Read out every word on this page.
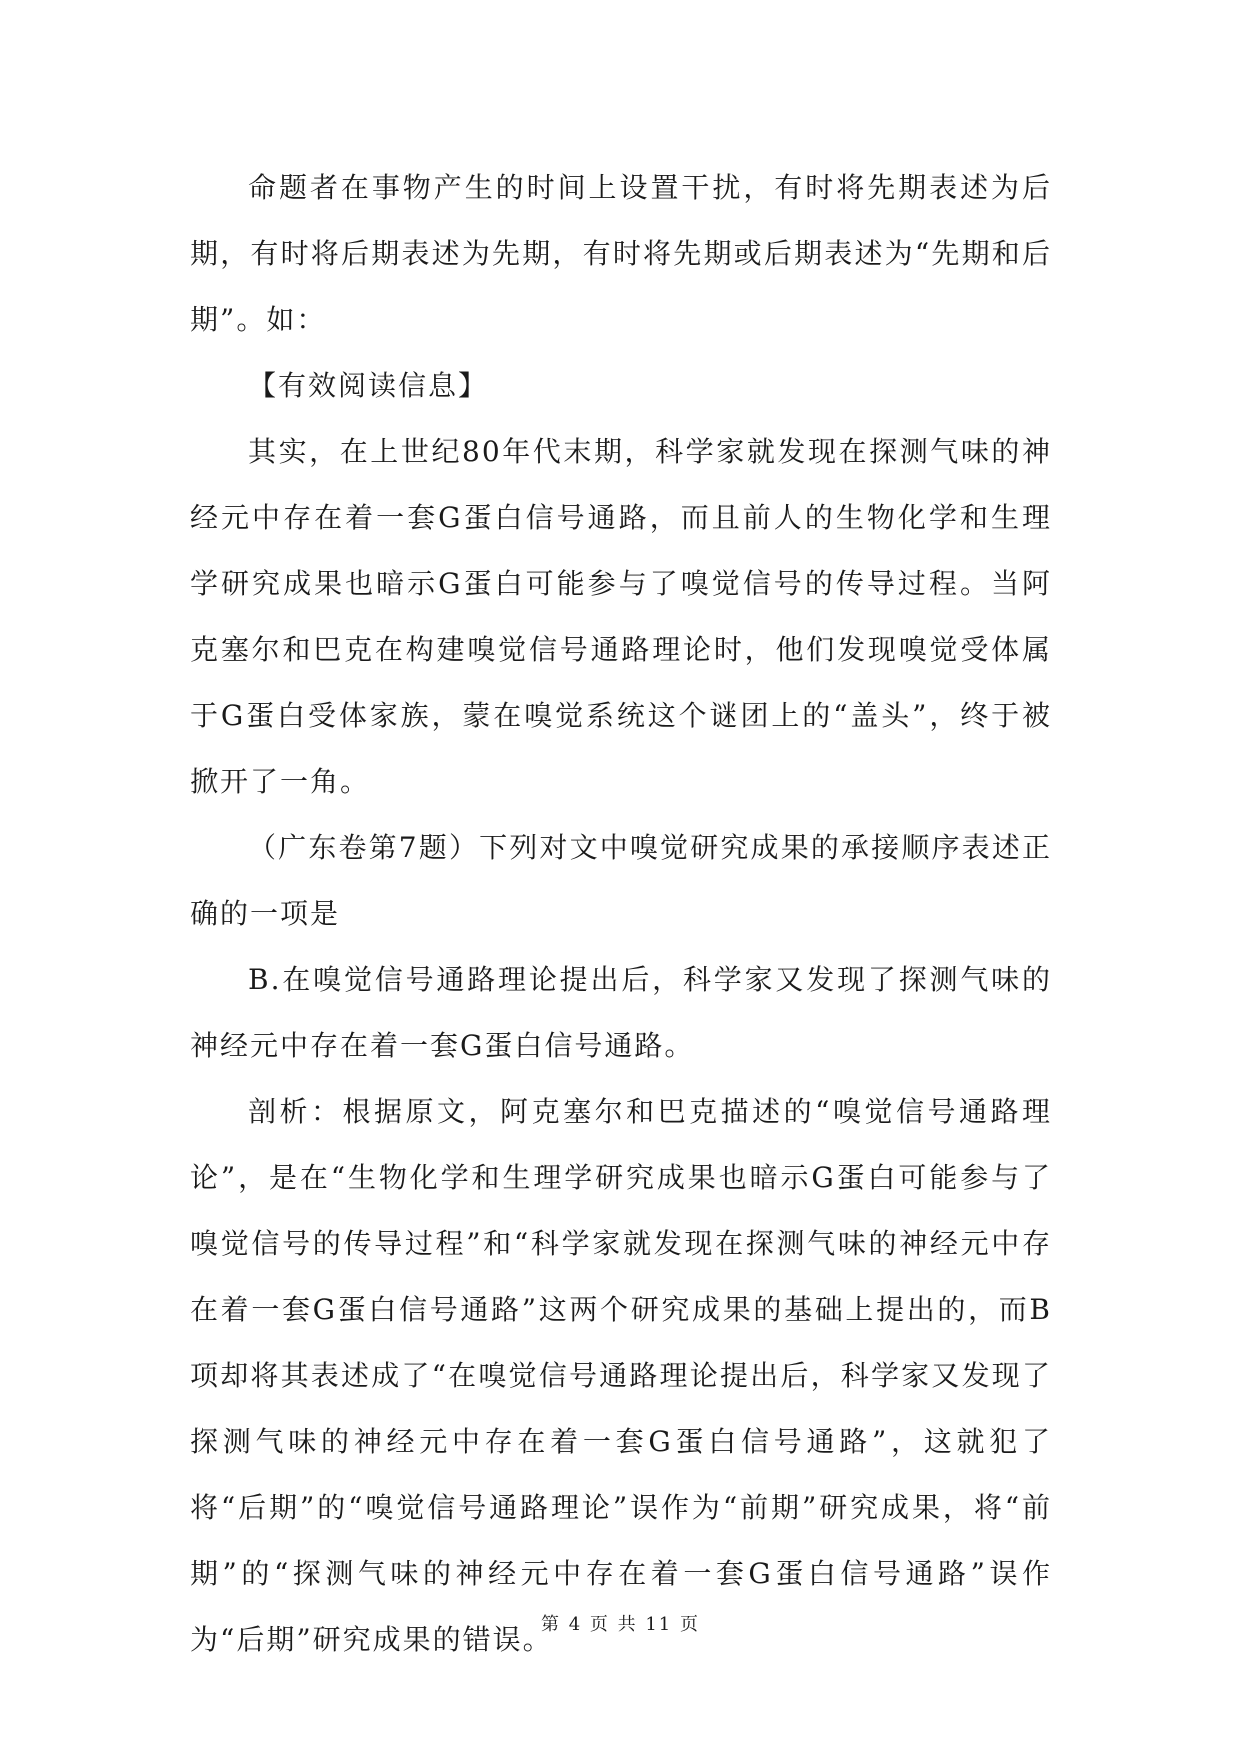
命题者在事物产生的时间上设置干扰，有时将先期表述为后期，有时将后期表述为先期，有时将先期或后期表述为“先期和后期”。如：

【有效阅读信息】

其实，在上世纪80年代末期，科学家就发现在探测气味的神经元中存在着一套G蛋白信号通路，而且前人的生物化学和生理学研究成果也暗示G蛋白可能参与了嗅觉信号的传导过程。当阿克塞尔和巴克在构建嗅觉信号通路理论时，他们发现嗅觉受体属于G蛋白受体家族，蒙在嗅觉系统这个谜团上的“盖头”，终于被掀开了一角。

（广东卷第7题）下列对文中嗅觉研究成果的承接顺序表述正确的一项是

B.在嗅觉信号通路理论提出后，科学家又发现了探测气味的神经元中存在着一套G蛋白信号通路。

剖析：根据原文，阿克塞尔和巴克描述的“嗅觉信号通路理论”，是在“生物化学和生理学研究成果也暗示G蛋白可能参与了嗅觉信号的传导过程”和“科学家就发现在探测气味的神经元中存在着一套G蛋白信号通路”这两个研究成果的基础上提出的，而B项却将其表述成了“在嗅觉信号通路理论提出后，科学家又发现了探测气味的神经元中存在着一套G蛋白信号通路”，这就犯了将“后期”的“嗅觉信号通路理论”误作为“前期”研究成果，将“前期”的“探测气味的神经元中存在着一套G蛋白信号通路”误作为“后期”研究成果的错误。

第 4 页 共 11 页
